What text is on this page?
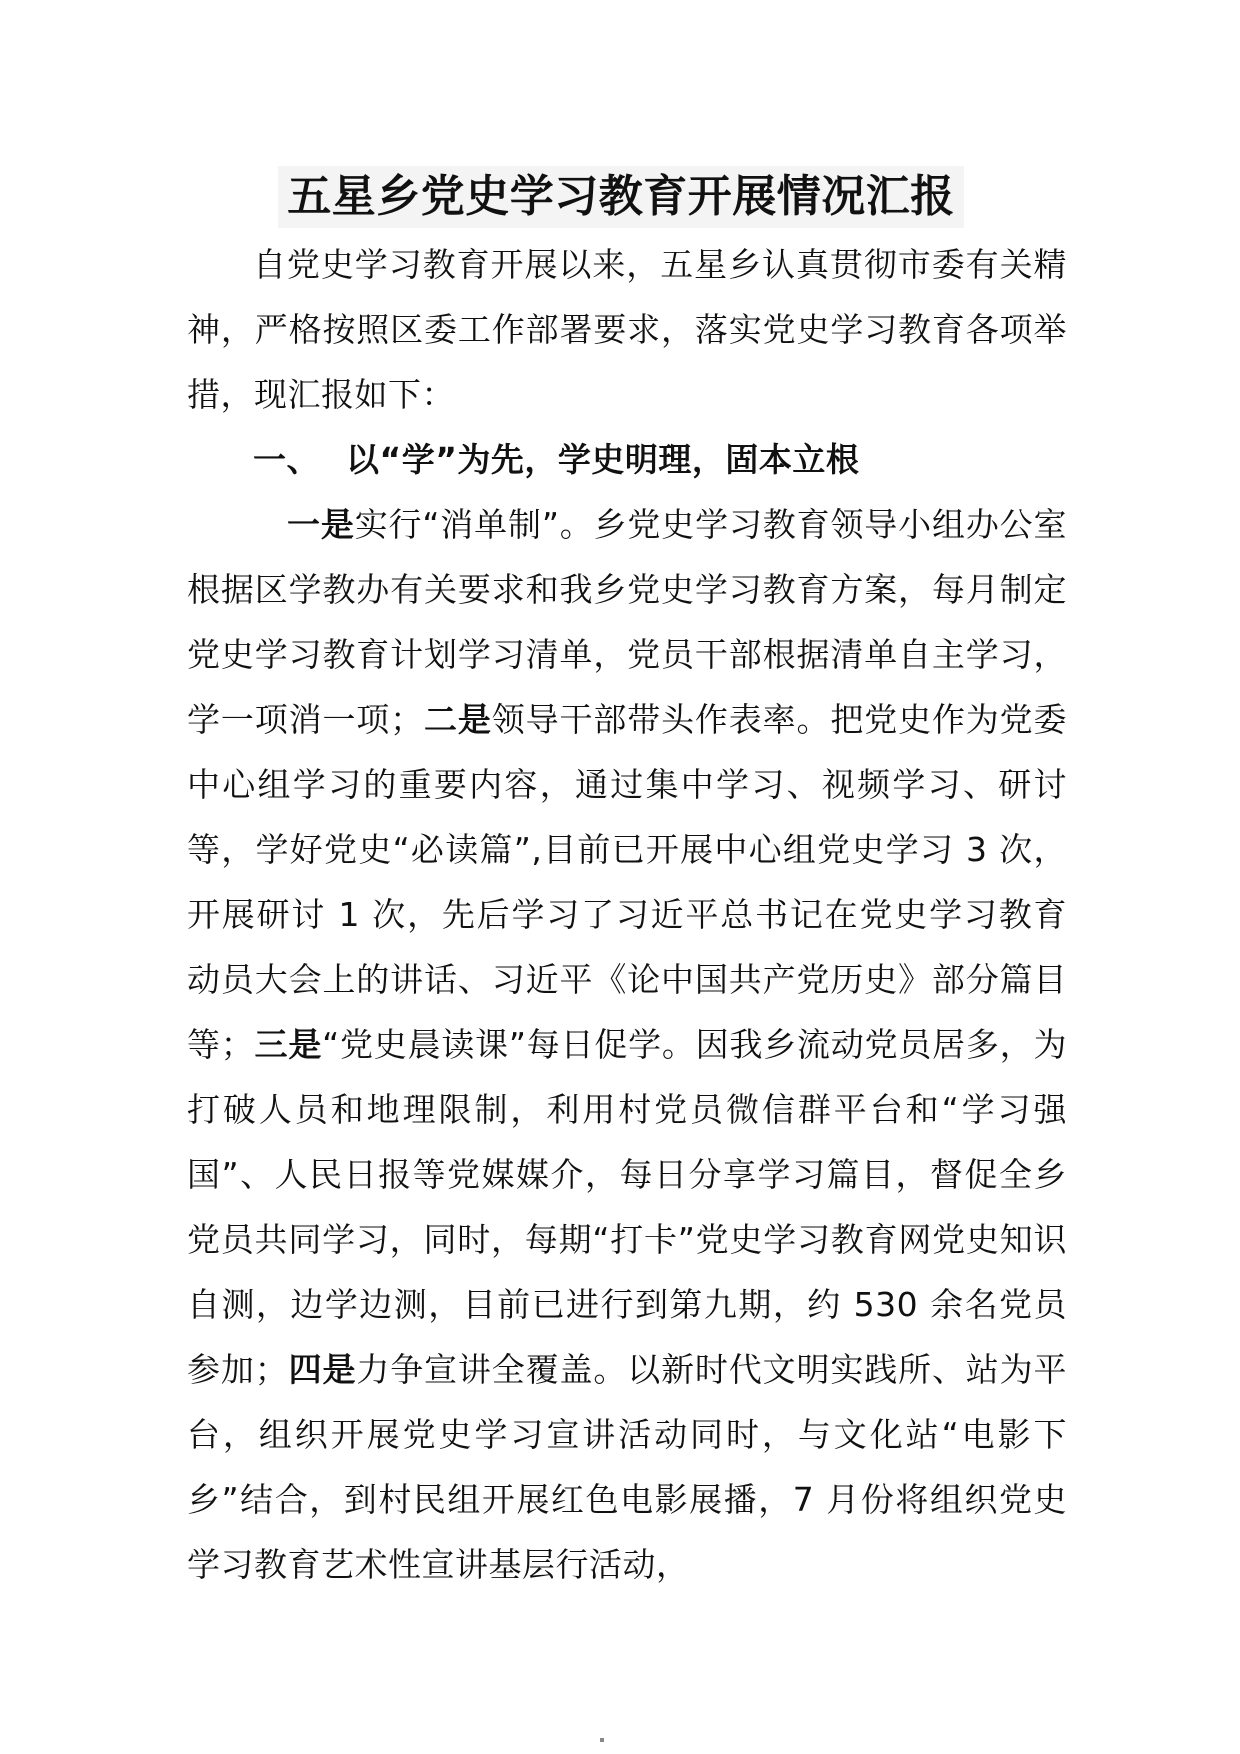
五星乡党史学习教育开展情况汇报

自党史学习教育开展以来，五星乡认真贯彻市委有关精神，严格按照区委工作部署要求，落实党史学习教育各项举措，现汇报如下：

一、 以“学”为先，学史明理，固本立根

一是实行“消单制”。乡党史学习教育领导小组办公室根据区学教办有关要求和我乡党史学习教育方案，每月制定党史学习教育计划学习清单，党员干部根据清单自主学习，学一项消一项；二是领导干部带头作表率。把党史作为党委中心组学习的重要内容，通过集中学习、视频学习、研讨等，学好党史“必读篇”,目前已开展中心组党史学习 3 次，开展研讨 1 次，先后学习了习近平总书记在党史学习教育动员大会上的讲话、习近平《论中国共产党历史》部分篇目等；三是“党史晨读课”每日促学。因我乡流动党员居多，为打破人员和地理限制，利用村党员微信群平台和“学习强国”、人民日报等党媒媒介，每日分享学习篇目，督促全乡党员共同学习，同时，每期“打卡”党史学习教育网党史知识自测，边学边测，目前已进行到第九期，约 530 余名党员参加；四是力争宣讲全覆盖。以新时代文明实践所、站为平台，组织开展党史学习宣讲活动同时，与文化站“电影下乡”结合，到村民组开展红色电影展播，7 月份将组织党史学习教育艺术性宣讲基层行活动，
